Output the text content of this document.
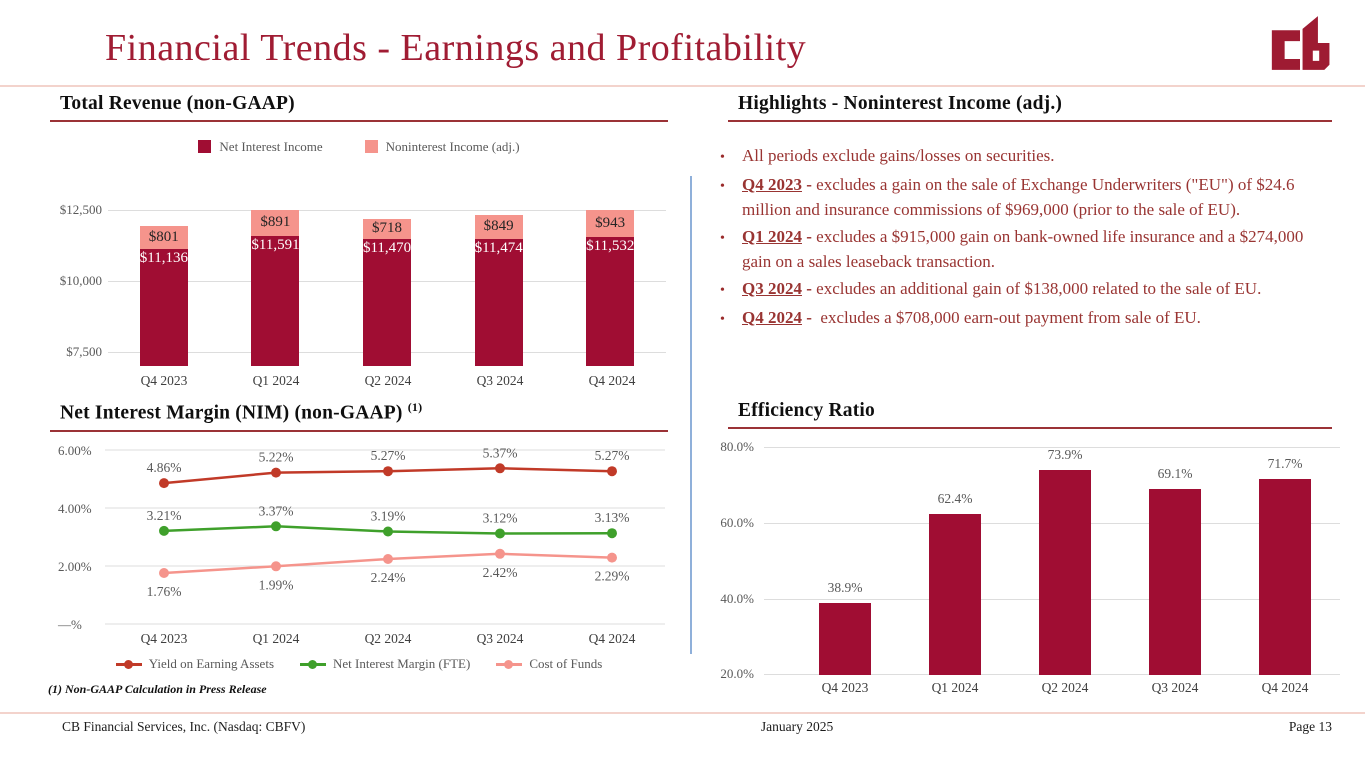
Financial Trends - Earnings and Profitability
Total Revenue (non-GAAP)
Net Interest Income	Noninterest Income (adj.)
$12,500
$10,000
$7,500
$801
$11,136
$891
$11,591
$718
$11,470
$849
$11,474
$943
$11,532
Q4 2023	Q1 2024	Q2 2024	Q3 2024	Q4 2024
Net Interest Margin (NIM) (non-GAAP) $^{(1)}$
6.00%
4.00%
2.00%
—%
4.86%
5.22%	5.27%	5.37%	5.27%
3.21%	3.37%	3.19%	3.12%	3.13%
1.76%	1.99%	2.24%	2.42%	2.29%
Q4 2023	Q1 2024	Q2 2024	Q3 2024	Q4 2024
Yield on Earning Assets	Net Interest Margin (FTE)	Cost of Funds
(1) Non-GAAP Calculation in Press Release
Highlights - Noninterest Income (adj.)
•	All periods exclude gains/losses on securities.
•	Q4 2023 - excludes a gain on the sale of Exchange Underwriters ("EU") of $24.6 million and insurance commissions of $969,000 (prior to the sale of EU).
•	Q1 2024 - excludes a $915,000 gain on bank-owned life insurance and a $274,000 gain on a sales leaseback transaction.
•	Q3 2024 - excludes an additional gain of $138,000 related to the sale of EU.
•	Q4 2024 -  excludes a $708,000 earn-out payment from sale of EU.
Efficiency Ratio
80.0%
60.0%
40.0%
20.0%
38.9%
62.4%
73.9%
69.1%
71.7%
Q4 2023	Q1 2024	Q2 2024	Q3 2024	Q4 2024
CB Financial Services, Inc. (Nasdaq: CBFV)	January 2025	Page 13
